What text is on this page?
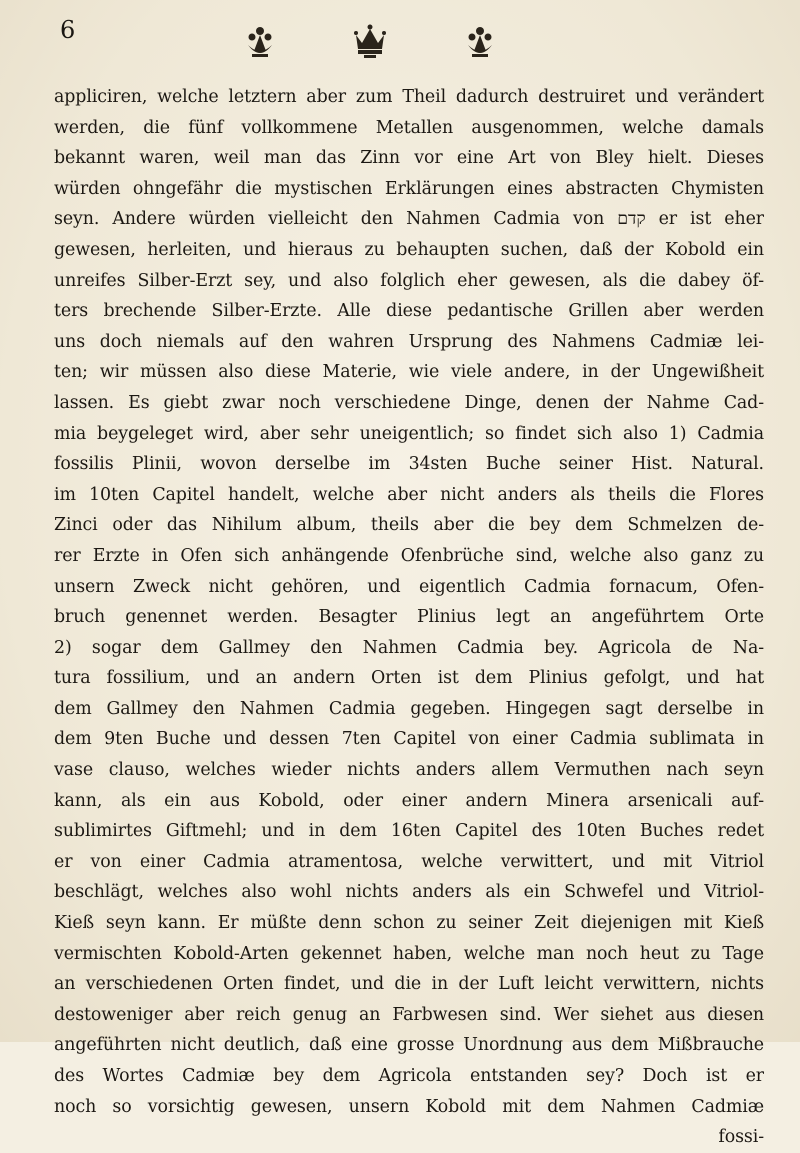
6
appliciren, welche letztern aber zum Theil dadurch destruiret und verändert
werden, die fünf vollkommene Metallen ausgenommen, welche damals
bekannt waren, weil man das Zinn vor eine Art von Bley hielt. Dieses
würden ohngefähr die mystischen Erklärungen eines abstracten Chymisten
seyn. Andere würden vielleicht den Nahmen Cadmia von קדם er ist eher
gewesen, herleiten, und hieraus zu behaupten suchen, daß der Kobold ein
unreifes Silber-Erzt sey, und also folglich eher gewesen, als die dabey öf-
ters brechende Silber-Erzte. Alle diese pedantische Grillen aber werden
uns doch niemals auf den wahren Ursprung des Nahmens Cadmiæ lei-
ten; wir müssen also diese Materie, wie viele andere, in der Ungewißheit
lassen. Es giebt zwar noch verschiedene Dinge, denen der Nahme Cad-
mia beygeleget wird, aber sehr uneigentlich; so findet sich also 1) Cadmia
fossilis Plinii, wovon derselbe im 34sten Buche seiner Hist. Natural.
im 10ten Capitel handelt, welche aber nicht anders als theils die Flores
Zinci oder das Nihilum album, theils aber die bey dem Schmelzen de-
rer Erzte in Ofen sich anhängende Ofenbrüche sind, welche also ganz zu
unsern Zweck nicht gehören, und eigentlich Cadmia fornacum, Ofen-
bruch genennet werden. Besagter Plinius legt an angeführtem Orte
2) sogar dem Gallmey den Nahmen Cadmia bey. Agricola de Na-
tura fossilium, und an andern Orten ist dem Plinius gefolgt, und hat
dem Gallmey den Nahmen Cadmia gegeben. Hingegen sagt derselbe in
dem 9ten Buche und dessen 7ten Capitel von einer Cadmia sublimata in
vase clauso, welches wieder nichts anders allem Vermuthen nach seyn
kann, als ein aus Kobold, oder einer andern Minera arsenicali auf-
sublimirtes Giftmehl; und in dem 16ten Capitel des 10ten Buches redet
er von einer Cadmia atramentosa, welche verwittert, und mit Vitriol
beschlägt, welches also wohl nichts anders als ein Schwefel und Vitriol-
Kieß seyn kann. Er müßte denn schon zu seiner Zeit diejenigen mit Kieß
vermischten Kobold-Arten gekennet haben, welche man noch heut zu Tage
an verschiedenen Orten findet, und die in der Luft leicht verwittern, nichts
destoweniger aber reich genug an Farbwesen sind. Wer siehet aus diesen
angeführten nicht deutlich, daß eine grosse Unordnung aus dem Mißbrauche
des Wortes Cadmiæ bey dem Agricola entstanden sey? Doch ist er
noch so vorsichtig gewesen, unsern Kobold mit dem Nahmen Cadmiæ
fossi-
